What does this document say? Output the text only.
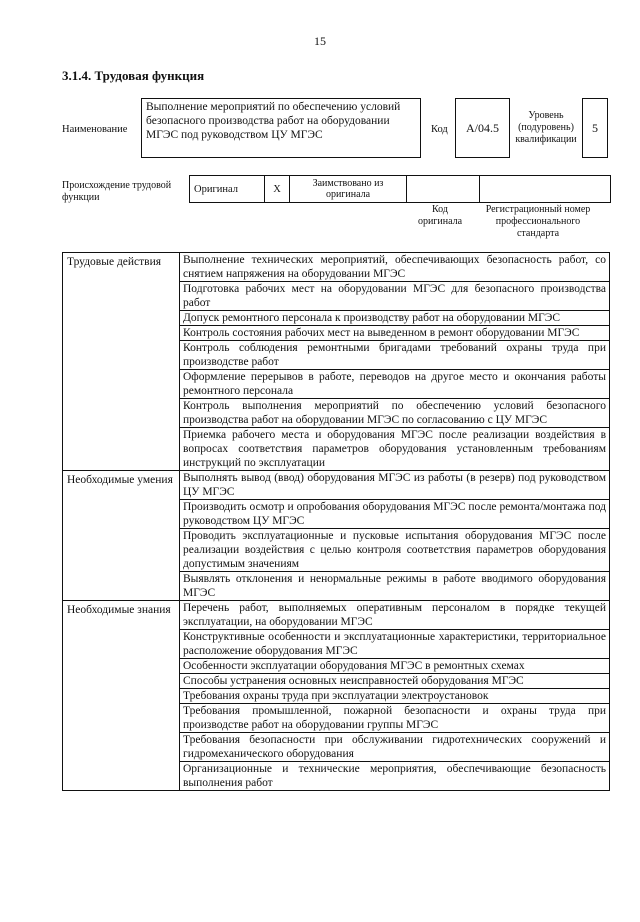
15
3.1.4. Трудовая функция
Наименование
Выполнение мероприятий по обеспечению условий безопасного производства работ на оборудовании МГЭС под руководством ЦУ МГЭС	Код	A/04.5
Уровень (подуровень) квалификации
5
Происхождение трудовой функции
Оригинал	X	Заимствовано из оригинала		
Код оригинала
Регистрационный номер профессионального стандарта
Трудовые действия	Выполнение технических мероприятий, обеспечивающих безопасность работ, со снятием напряжения на оборудовании МГЭС
	Подготовка рабочих мест на оборудовании МГЭС для безопасного производства работ
	Допуск ремонтного персонала к производству работ на оборудовании МГЭС
	Контроль состояния рабочих мест на выведенном в ремонт оборудовании МГЭС
	Контроль соблюдения ремонтными бригадами требований охраны труда при производстве работ
	Оформление перерывов в работе, переводов на другое место и окончания работы ремонтного персонала
	Контроль выполнения мероприятий по обеспечению условий безопасного производства работ на оборудовании МГЭС по согласованию с ЦУ МГЭС
	Приемка рабочего места и оборудования МГЭС после реализации воздействия в вопросах соответствия параметров оборудования установленным требованиям инструкций по эксплуатации
Необходимые умения	Выполнять вывод (ввод) оборудования МГЭС из работы (в резерв) под руководством ЦУ МГЭС
	Производить осмотр и опробования оборудования МГЭС после ремонта/монтажа под руководством ЦУ МГЭС
	Проводить эксплуатационные и пусковые испытания оборудования МГЭС после реализации воздействия с целью контроля соответствия параметров оборудования допустимым значениям
	Выявлять отклонения и ненормальные режимы в работе вводимого оборудования МГЭС
Необходимые знания	Перечень работ, выполняемых оперативным персоналом в порядке текущей эксплуатации, на оборудовании МГЭС
	Конструктивные особенности и эксплуатационные характеристики, территориальное расположение оборудования МГЭС
	Особенности эксплуатации оборудования МГЭС в ремонтных схемах
	Способы устранения основных неисправностей оборудования МГЭС
	Требования охраны труда при эксплуатации электроустановок
	Требования промышленной, пожарной безопасности и охраны труда при производстве работ на оборудовании группы МГЭС
	Требования безопасности при обслуживании гидротехнических сооружений и гидромеханического оборудования
	Организационные и технические мероприятия, обеспечивающие безопасность выполнения работ
